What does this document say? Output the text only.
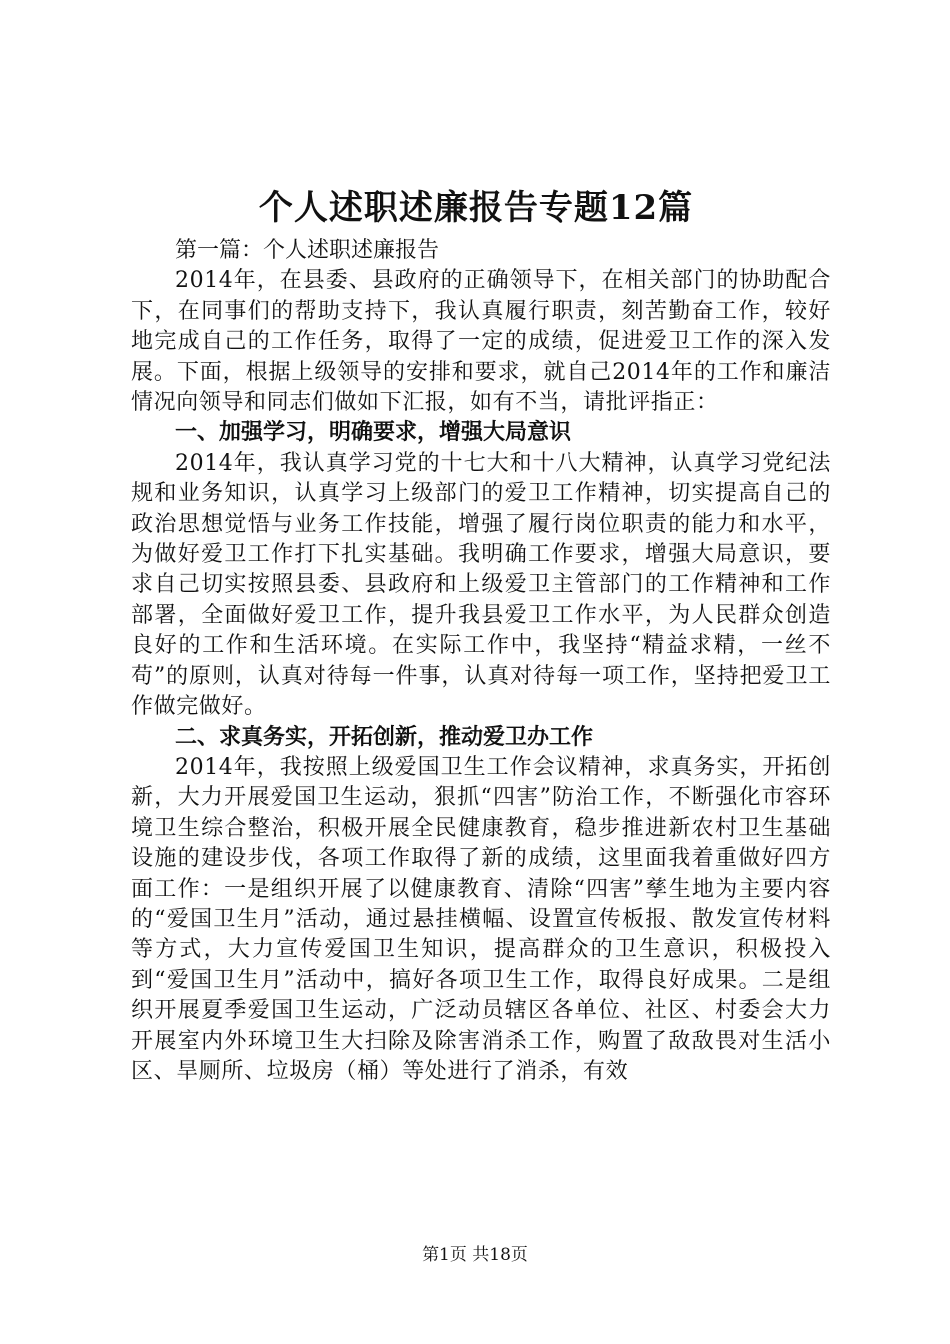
个人述职述廉报告专题12篇

第一篇：个人述职述廉报告

2014年，在县委、县政府的正确领导下，在相关部门的协助配合下，在同事们的帮助支持下，我认真履行职责，刻苦勤奋工作，较好地完成自己的工作任务，取得了一定的成绩，促进爱卫工作的深入发展。下面，根据上级领导的安排和要求，就自己2014年的工作和廉洁情况向领导和同志们做如下汇报，如有不当，请批评指正：

一、加强学习，明确要求，增强大局意识

2014年，我认真学习党的十七大和十八大精神，认真学习党纪法规和业务知识，认真学习上级部门的爱卫工作精神，切实提高自己的政治思想觉悟与业务工作技能，增强了履行岗位职责的能力和水平，为做好爱卫工作打下扎实基础。我明确工作要求，增强大局意识，要求自己切实按照县委、县政府和上级爱卫主管部门的工作精神和工作部署，全面做好爱卫工作，提升我县爱卫工作水平，为人民群众创造良好的工作和生活环境。在实际工作中，我坚持“精益求精，一丝不苟”的原则，认真对待每一件事，认真对待每一项工作，坚持把爱卫工作做完做好。

二、求真务实，开拓创新，推动爱卫办工作

2014年，我按照上级爱国卫生工作会议精神，求真务实，开拓创新，大力开展爱国卫生运动，狠抓“四害”防治工作，不断强化市容环境卫生综合整治，积极开展全民健康教育，稳步推进新农村卫生基础设施的建设步伐，各项工作取得了新的成绩，这里面我着重做好四方面工作：一是组织开展了以健康教育、清除“四害”孳生地为主要内容的“爱国卫生月”活动，通过悬挂横幅、设置宣传板报、散发宣传材料等方式，大力宣传爱国卫生知识，提高群众的卫生意识，积极投入到“爱国卫生月”活动中，搞好各项卫生工作，取得良好成果。二是组织开展夏季爱国卫生运动，广泛动员辖区各单位、社区、村委会大力开展室内外环境卫生大扫除及除害消杀工作，购置了敌敌畏对生活小区、旱厕所、垃圾房（桶）等处进行了消杀，有效

第1页 共18页
